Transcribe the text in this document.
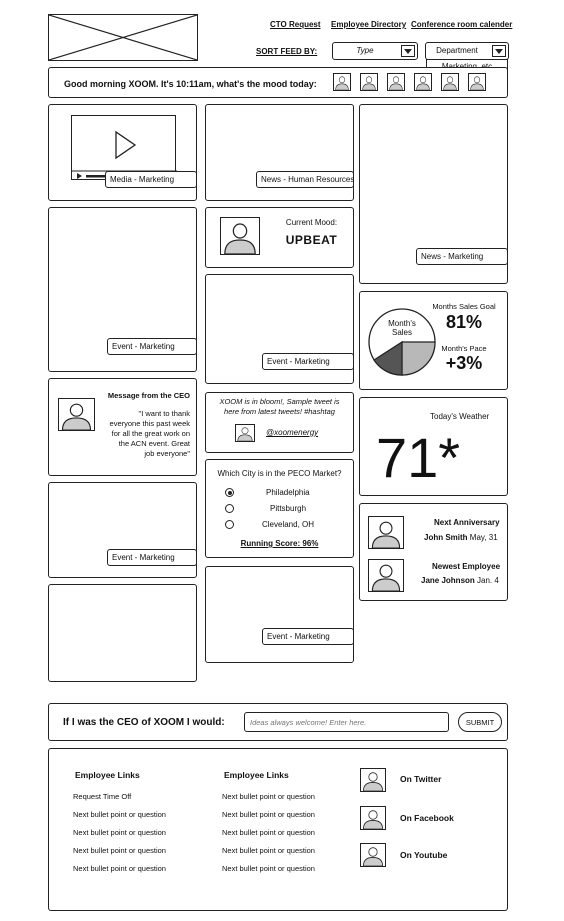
CTO Request Employee Directory Conference room calender
SORT FEED BY:	Type	Department
Good morning XOOM. It's 10:11am, what's the mood today:
Media - Marketing
Event - Marketing
Message from the CEO
"I want to thank
everyone this past week
for all the great work on
the ACN event. Great
job everyone"
Event - Marketing
News - Human Resources
Current Mood:
UPBEAT
Event - Marketing
XOOM is in bloom!, Sample tweet is
here from latest tweets! #hashtag
@xoomenergy
Which City is in the PECO Market?
Philadelphia
Pittsburgh
Cleveland, OH
Running Score: 96%
Event - Marketing
News - Marketing
Month's
Sales
Months Sales Goal
81%
Month's Pace
+3%
Today's Weather
71*
Next Anniversary
John Smith May, 31
Newest Employee
Jane Johnson Jan. 4
If I was the CEO of XOOM I would:
Ideas always welcome! Enter here.	SUBMIT
Employee Links
Request Time Off
Next bullet point or question
Next bullet point or question
Next bullet point or question
Next bullet point or question
Employee Links
Next bullet point or question
Next bullet point or question
Next bullet point or question
Next bullet point or question
Next bullet point or question
On Twitter
On Facebook
On Youtube
